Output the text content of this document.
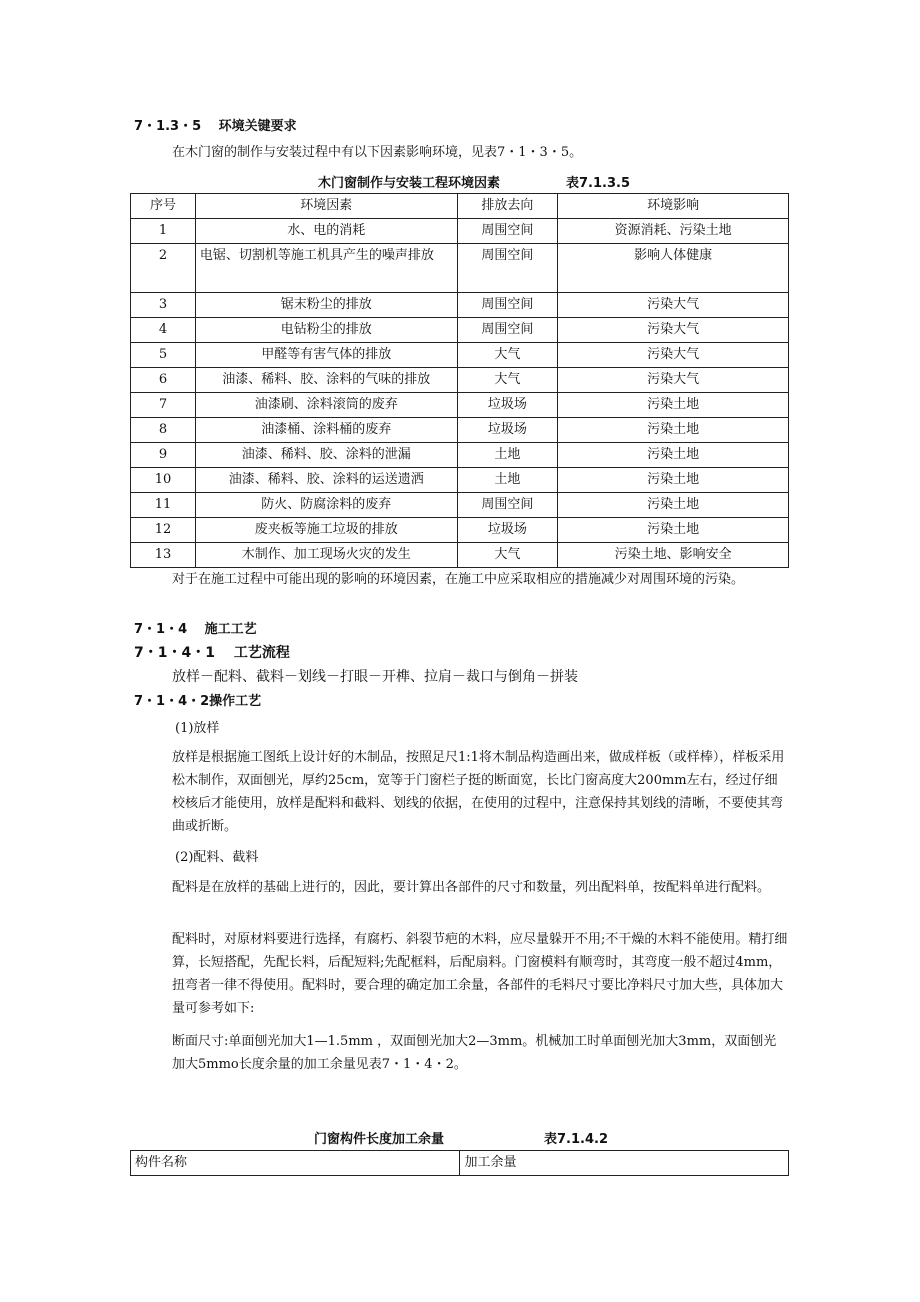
7・1.3・5　 环境关键要求
在木门窗的制作与安装过程中有以下因素影响环境，见表7・1・3・5。
木门窗制作与安装工程环境因素	表7.1.3.5
序号	环境因素	排放去向	环境影响
1	水、电的消耗	周围空间	资源消耗、污染土地
2	电锯、切割机等施工机具产生的噪声排放	周围空间	影响人体健康
3	锯末粉尘的排放	周围空间	污染大气
4	电钻粉尘的排放	周围空间	污染大气
5	甲醛等有害气体的排放	大气	污染大气
6	油漆、稀料、胶、涂料的气味的排放	大气	污染大气
7	油漆刷、涂料滚筒的废弃	垃圾场	污染土地
8	油漆桶、涂料桶的废弃	垃圾场	污染土地
9	油漆、稀料、胶、涂料的泄漏	土地	污染土地
10	油漆、稀料、胶、涂料的运送遗洒	土地	污染土地
11	防火、防腐涂料的废弃	周围空间	污染土地
12	废夹板等施工垃圾的排放	垃圾场	污染土地
13	木制作、加工现场火灾的发生	大气	污染土地、影响安全
对于在施工过程中可能出现的影响的环境因素，在施工中应采取相应的措施减少对周围环境的污染。
7・1・4　 施工工艺
7・1・4・1　 工艺流程
放样－配料、截料－划线－打眼－开榫、拉肩－裁口与倒角－拼装
7・1・4・2操作工艺
(1)放样
放样是根据施工图纸上设计好的木制品，按照足尺1:1将木制品构造画出来，做成样板（或样棒），样板采用松木制作，双面刨光，厚约25cm，宽等于门窗栏子挺的断面宽，长比门窗高度大200mm左右，经过仔细校核后才能使用，放样是配料和截料、划线的依据，在使用的过程中，注意保持其划线的清晰，不要使其弯曲或折断。
(2)配料、截料
配料是在放样的基础上进行的，因此，要计算出各部件的尺寸和数量，列出配料单，按配料单进行配料。
配料时，对原材料要进行选择，有腐朽、斜裂节疤的木料，应尽量躲开不用;不干燥的木料不能使用。精打细算，长短搭配，先配长料，后配短料;先配框料，后配扇料。门窗模料有顺弯时，其弯度一般不超过4mm，扭弯者一律不得使用。配料时，要合理的确定加工余量，各部件的毛料尺寸要比净料尺寸加大些，具体加大量可参考如下:
断面尺寸:单面刨光加大1—1.5mm ，双面刨光加大2—3mm。机械加工时单面刨光加大3mm，双面刨光加大5mmo长度余量的加工余量见表7・1・4・2。
门窗构件长度加工余量	表7.1.4.2
构件名称	加工余量
